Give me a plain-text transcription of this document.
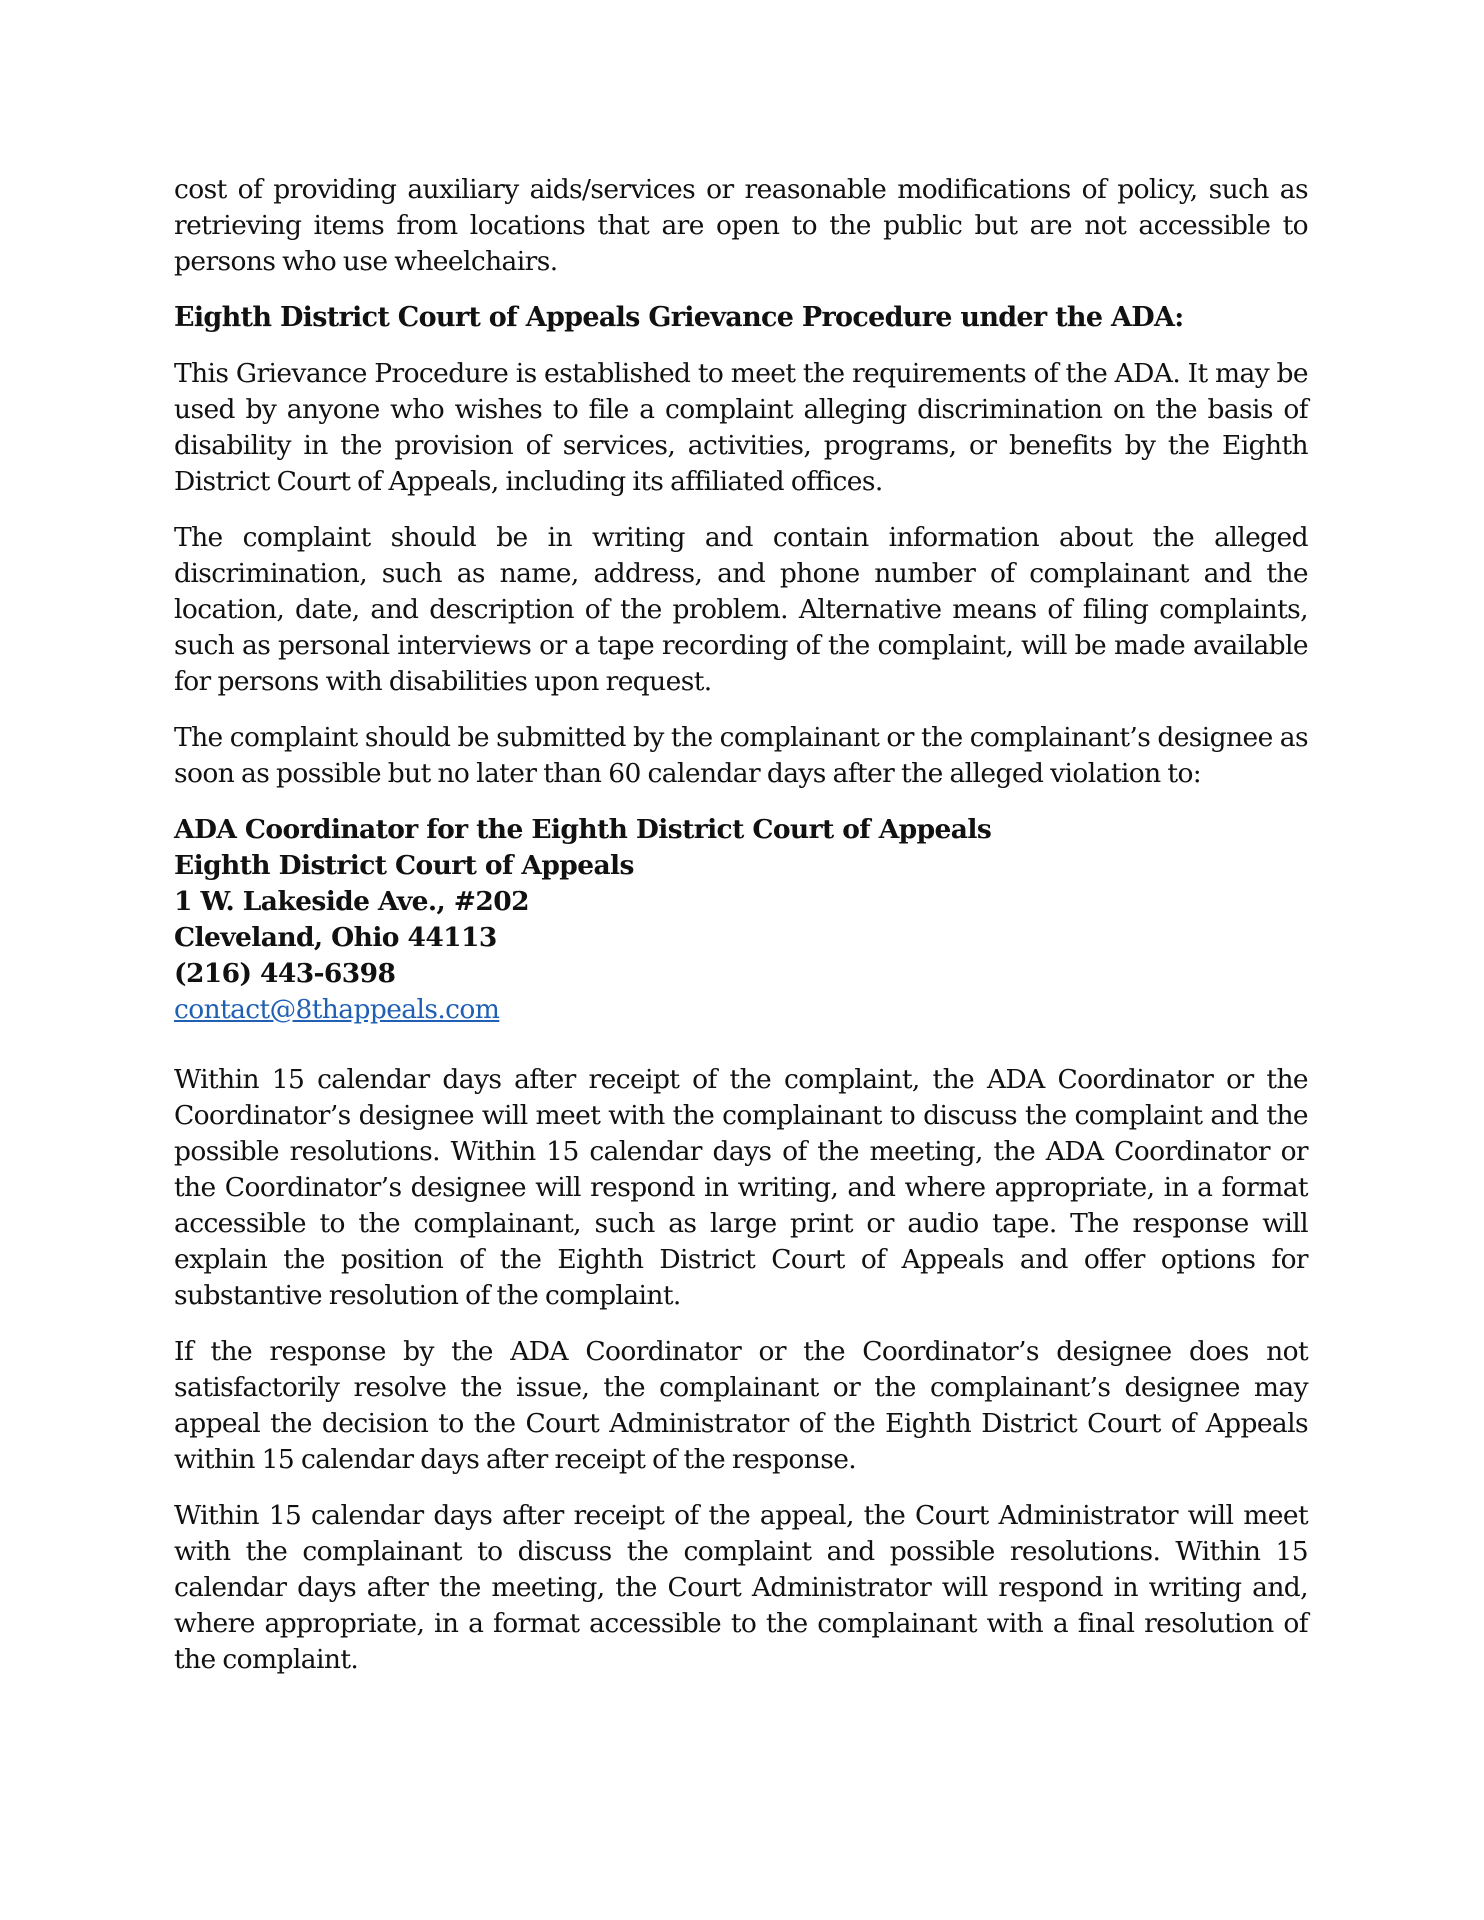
cost of providing auxiliary aids/services or reasonable modifications of policy, such as retrieving items from locations that are open to the public but are not accessible to persons who use wheelchairs.

Eighth District Court of Appeals Grievance Procedure under the ADA:

This Grievance Procedure is established to meet the requirements of the ADA. It may be used by anyone who wishes to file a complaint alleging discrimination on the basis of disability in the provision of services, activities, programs, or benefits by the Eighth District Court of Appeals, including its affiliated offices.

The complaint should be in writing and contain information about the alleged discrimination, such as name, address, and phone number of complainant and the location, date, and description of the problem. Alternative means of filing complaints, such as personal interviews or a tape recording of the complaint, will be made available for persons with disabilities upon request.

The complaint should be submitted by the complainant or the complainant’s designee as soon as possible but no later than 60 calendar days after the alleged violation to:

ADA Coordinator for the Eighth District Court of Appeals
Eighth District Court of Appeals
1 W. Lakeside Ave., #202
Cleveland, Ohio 44113
(216) 443-6398
contact@8thappeals.com

Within 15 calendar days after receipt of the complaint, the ADA Coordinator or the Coordinator’s designee will meet with the complainant to discuss the complaint and the possible resolutions. Within 15 calendar days of the meeting, the ADA Coordinator or the Coordinator’s designee will respond in writing, and where appropriate, in a format accessible to the complainant, such as large print or audio tape. The response will explain the position of the Eighth District Court of Appeals and offer options for substantive resolution of the complaint.

If the response by the ADA Coordinator or the Coordinator’s designee does not satisfactorily resolve the issue, the complainant or the complainant’s designee may appeal the decision to the Court Administrator of the Eighth District Court of Appeals within 15 calendar days after receipt of the response.

Within 15 calendar days after receipt of the appeal, the Court Administrator will meet with the complainant to discuss the complaint and possible resolutions. Within 15 calendar days after the meeting, the Court Administrator will respond in writing and, where appropriate, in a format accessible to the complainant with a final resolution of the complaint.
